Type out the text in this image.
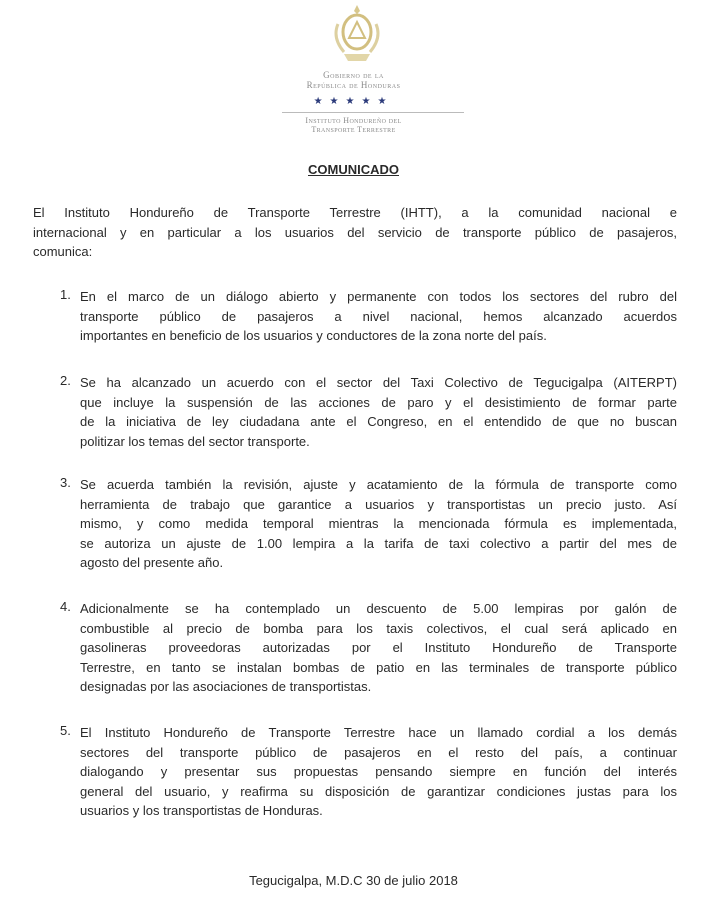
Gobierno de la
República de Honduras
★★★★★
Instituto Hondureño del
Transporte Terrestre
COMUNICADO
El Instituto Hondureño de Transporte Terrestre (IHTT), a la comunidad nacional e
internacional y en particular a los usuarios del servicio de transporte público de pasajeros,
comunica:
1. En el marco de un diálogo abierto y permanente con todos los sectores del rubro del
transporte público de pasajeros a nivel nacional, hemos alcanzado acuerdos
importantes en beneficio de los usuarios y conductores de la zona norte del país.
2. Se ha alcanzado un acuerdo con el sector del Taxi Colectivo de Tegucigalpa (AITERPT)
que incluye la suspensión de las acciones de paro y el desistimiento de formar parte
de la iniciativa de ley ciudadana ante el Congreso, en el entendido de que no buscan
politizar los temas del sector transporte.
3. Se acuerda también la revisión, ajuste y acatamiento de la fórmula de transporte como
herramienta de trabajo que garantice a usuarios y transportistas un precio justo. Así
mismo, y como medida temporal mientras la mencionada fórmula es implementada,
se autoriza un ajuste de 1.00 lempira a la tarifa de taxi colectivo a partir del mes de
agosto del presente año.
4. Adicionalmente se ha contemplado un descuento de 5.00 lempiras por galón de
combustible al precio de bomba para los taxis colectivos, el cual será aplicado en
gasolineras proveedoras autorizadas por el Instituto Hondureño de Transporte
Terrestre, en tanto se instalan bombas de patio en las terminales de transporte público
designadas por las asociaciones de transportistas.
5. El Instituto Hondureño de Transporte Terrestre hace un llamado cordial a los demás
sectores del transporte público de pasajeros en el resto del país, a continuar
dialogando y presentar sus propuestas pensando siempre en función del interés
general del usuario, y reafirma su disposición de garantizar condiciones justas para los
usuarios y los transportistas de Honduras.
Tegucigalpa, M.D.C 30 de julio 2018
